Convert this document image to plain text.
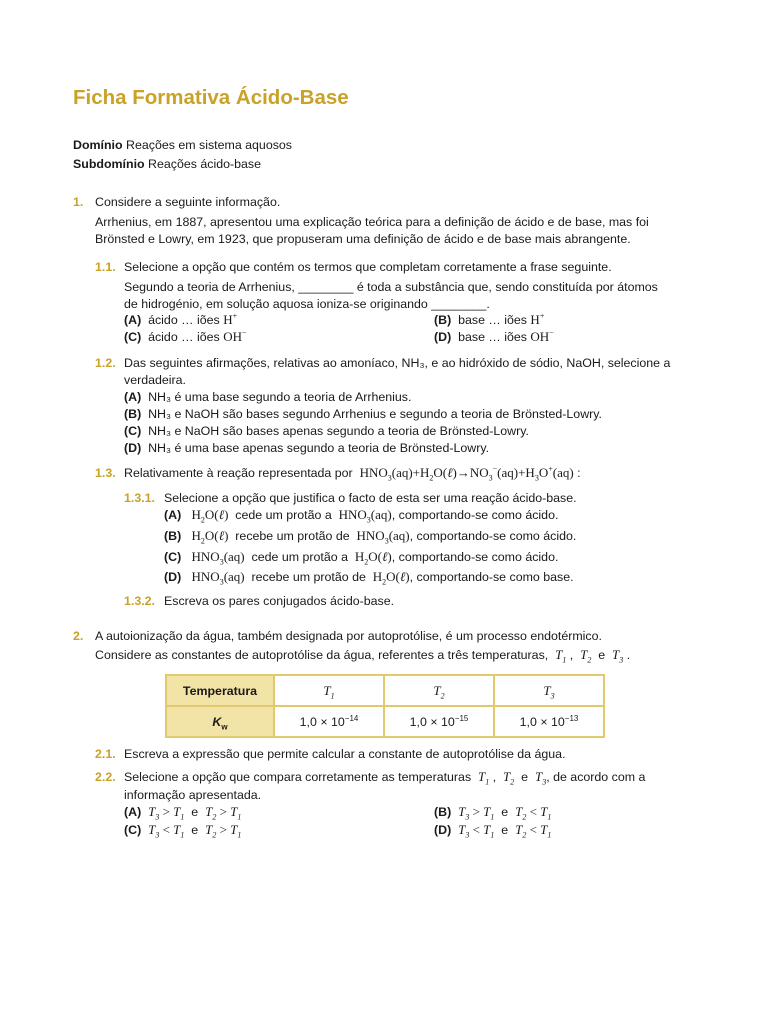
Ficha Formativa Ácido-Base
Domínio Reações em sistema aquosos
Subdomínio Reações ácido-base
1. Considere a seguinte informação.
Arrhenius, em 1887, apresentou uma explicação teórica para a definição de ácido e de base, mas foi
Brönsted e Lowry, em 1923, que propuseram uma definição de ácido e de base mais abrangente.
1.1. Selecione a opção que contém os termos que completam corretamente a frase seguinte.
Segundo a teoria de Arrhenius, ________ é toda a substância que, sendo constituída por átomos
de hidrogénio, em solução aquosa ioniza-se originando ________.
(A) ácido … iões H+	(B) base … iões H+
(C) ácido … iões OH−	(D) base … iões OH−
1.2. Das seguintes afirmações, relativas ao amoníaco, NH₃, e ao hidróxido de sódio, NaOH, selecione a
verdadeira.
(A) NH₃ é uma base segundo a teoria de Arrhenius.
(B) NH₃ e NaOH são bases segundo Arrhenius e segundo a teoria de Brönsted-Lowry.
(C) NH₃ e NaOH são bases apenas segundo a teoria de Brönsted-Lowry.
(D) NH₃ é uma base apenas segundo a teoria de Brönsted-Lowry.
1.3. Relativamente à reação representada por $HNO_3(aq)+H_2O(\ell)\to NO_3^-(aq)+H_3O^+(aq)$ :
1.3.1. Selecione a opção que justifica o facto de esta ser uma reação ácido-base.
(A) $H_2O(\ell)$ cede um protão a $HNO_3(aq)$, comportando-se como ácido.
(B) $H_2O(\ell)$ recebe um protão de $HNO_3(aq)$, comportando-se como ácido.
(C) $HNO_3(aq)$ cede um protão a $H_2O(\ell)$, comportando-se como ácido.
(D) $HNO_3(aq)$ recebe um protão de $H_2O(\ell)$, comportando-se como base.
1.3.2. Escreva os pares conjugados ácido-base.
2. A autoionização da água, também designada por autoprotólise, é um processo endotérmico.
Considere as constantes de autoprotólise da água, referentes a três temperaturas, $T_1$ ,  $T_2$  e  $T_3$ .
Temperatura	$T_1$	$T_2$	$T_3$
$K_w$	$1,0 \times 10^{-14}$	$1,0 \times 10^{-15}$	$1,0 \times 10^{-13}$
2.1. Escreva a expressão que permite calcular a constante de autoprotólise da água.
2.2. Selecione a opção que compara corretamente as temperaturas $T_1$ ,  $T_2$  e  $T_3$, de acordo com a
informação apresentada.
(A) $T_3 > T_1$  e  $T_2 > T_1$	(B) $T_3 > T_1$  e  $T_2 < T_1$
(C) $T_3 < T_1$  e  $T_2 > T_1$	(D) $T_3 < T_1$  e  $T_2 < T_1$
